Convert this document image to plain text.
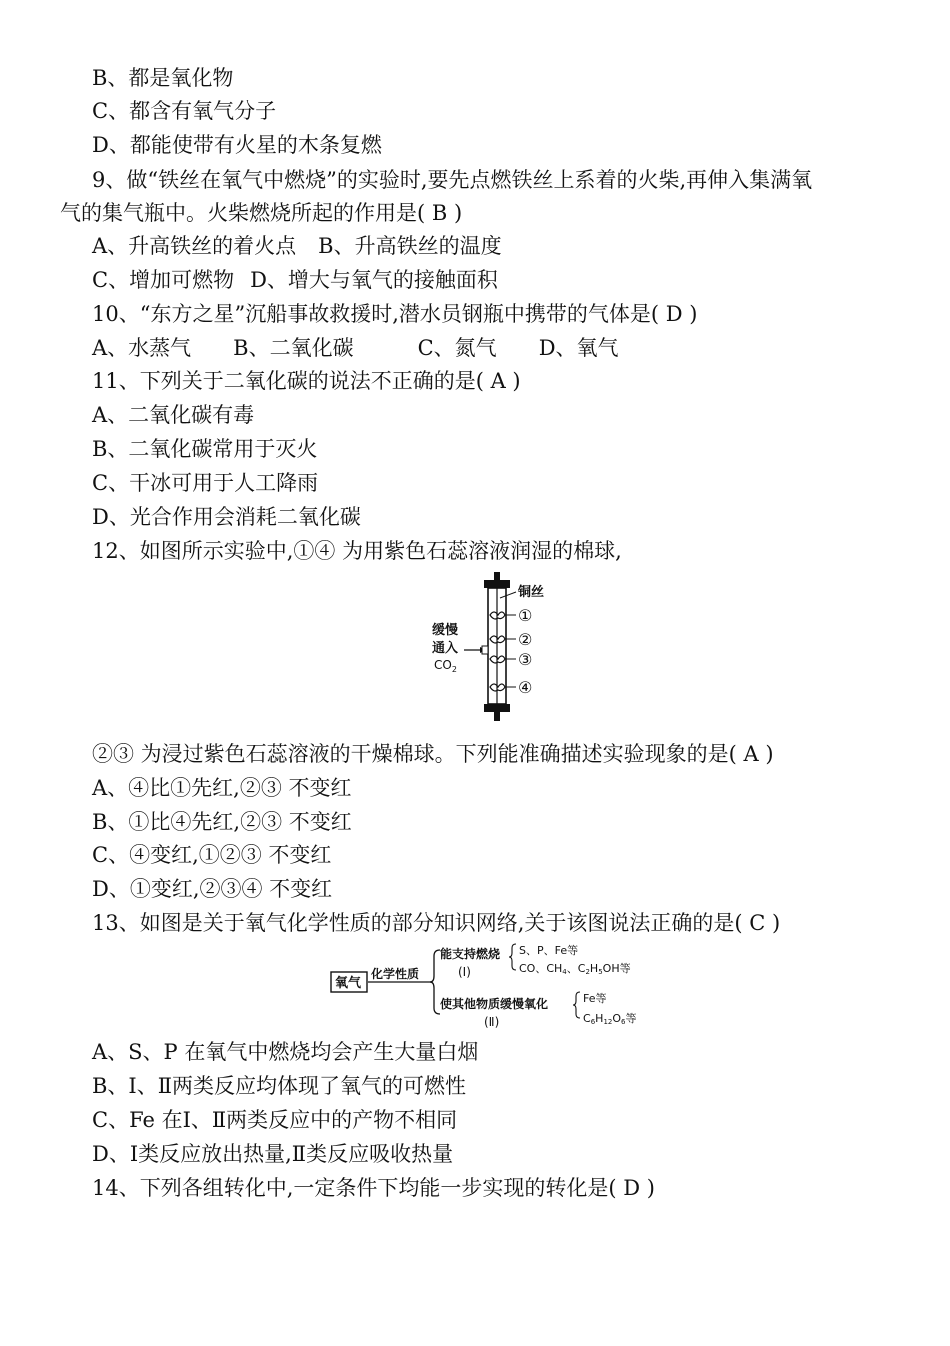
B、都是氧化物
C、都含有氧气分子
D、都能使带有火星的木条复燃
9、做“铁丝在氧气中燃烧”的实验时,要先点燃铁丝上系着的火柴,再伸入集满氧
气的集气瓶中。火柴燃烧所起的作用是( B )
A、升高铁丝的着火点 B、升高铁丝的温度
C、增加可燃物 D、增大与氧气的接触面积
10、“东方之星”沉船事故救援时,潜水员钢瓶中携带的气体是( D )
A、水蒸气 B、二氧化碳	C、氮气 D、氧气
11、下列关于二氧化碳的说法不正确的是( A )
A、二氧化碳有毒
B、二氧化碳常用于灭火
C、干冰可用于人工降雨
D、光合作用会消耗二氧化碳
12、如图所示实验中,①④ 为用紫色石蕊溶液润湿的棉球,
铜丝
①
②
③
④
缓慢
通入
$CO_2$
②③ 为浸过紫色石蕊溶液的干燥棉球。下列能准确描述实验现象的是( A )
A、④比①先红,②③ 不变红
B、①比④先红,②③ 不变红
C、④变红,①②③ 不变红
D、①变红,②③④ 不变红
13、如图是关于氧气化学性质的部分知识网络,关于该图说法正确的是( C )
氧气
化学性质
能支持燃烧
(Ⅰ)
S、P、Fe等
CO、CH4、C2H5OH等
使其他物质缓慢氧化
(Ⅱ)
Fe等
C6H12O6等
A、S、P 在氧气中燃烧均会产生大量白烟
B、Ⅰ、Ⅱ两类反应均体现了氧气的可燃性
C、Fe 在Ⅰ、Ⅱ两类反应中的产物不相同
D、Ⅰ类反应放出热量,Ⅱ类反应吸收热量
14、下列各组转化中,一定条件下均能一步实现的转化是( D )
